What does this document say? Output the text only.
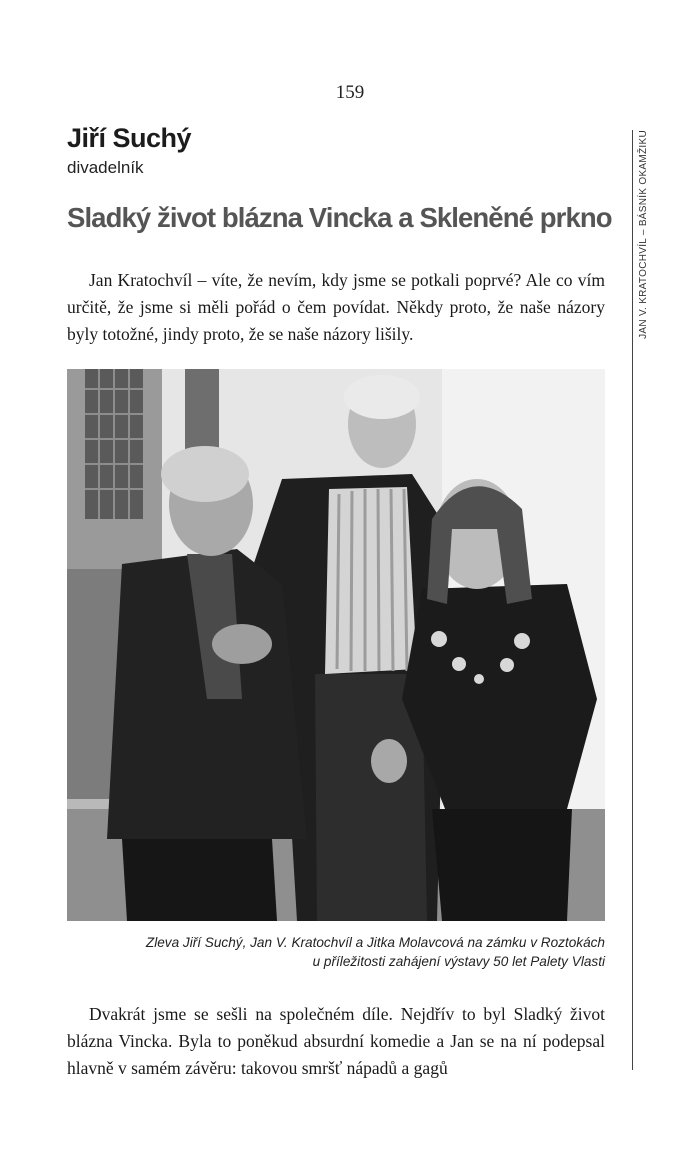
159
Jiří Suchý
divadelník
Sladký život blázna Vincka a Skleněné prkno

Jan Kratochvíl – víte, že nevím, kdy jsme se potkali poprvé? Ale co vím určitě, že jsme si měli pořád o čem povídat. Někdy proto, že naše názory byly totožné, jindy proto, že se naše názory lišily.

Zleva Jiří Suchý, Jan V. Kratochvíl a Jitka Molavcová na zámku v Roztokách
u příležitosti zahájení výstavy 50 let Palety Vlasti

Dvakrát jsme se sešli na společném díle. Nejdřív to byl Sladký život blázna Vincka. Byla to poněkud absurdní komedie a Jan se na ní podepsal hlavně v samém závěru: takovou smršť nápadů a gagů

JAN V. KRATOCHVÍL – BÁSNÍK OKAMŽIKU
